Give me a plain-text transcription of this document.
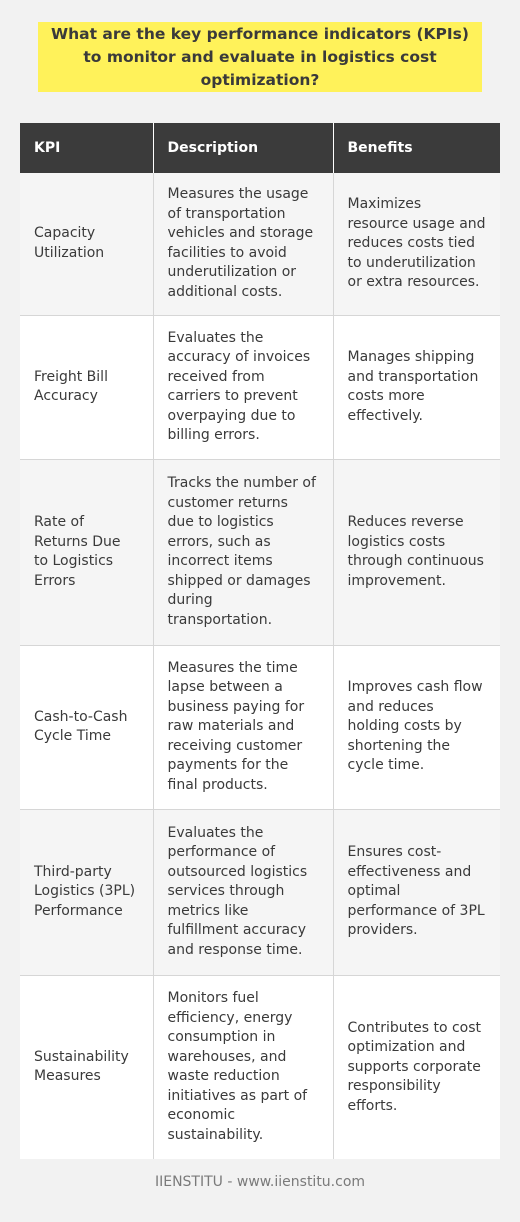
What are the key performance indicators (KPIs) to monitor and evaluate in logistics cost optimization?
KPI	Description	Benefits
Capacity Utilization	Measures the usage of transportation vehicles and storage facilities to avoid underutilization or additional costs.	Maximizes resource usage and reduces costs tied to underutilization or extra resources.
Freight Bill Accuracy	Evaluates the accuracy of invoices received from carriers to prevent overpaying due to billing errors.	Manages shipping and transportation costs more effectively.
Rate of Returns Due to Logistics Errors	Tracks the number of customer returns due to logistics errors, such as incorrect items shipped or damages during transportation.	Reduces reverse logistics costs through continuous improvement.
Cash-to-Cash Cycle Time	Measures the time lapse between a business paying for raw materials and receiving customer payments for the final products.	Improves cash flow and reduces holding costs by shortening the cycle time.
Third-party Logistics (3PL) Performance	Evaluates the performance of outsourced logistics services through metrics like fulfillment accuracy and response time.	Ensures cost-effectiveness and optimal performance of 3PL providers.
Sustainability Measures	Monitors fuel efficiency, energy consumption in warehouses, and waste reduction initiatives as part of economic sustainability.	Contributes to cost optimization and supports corporate responsibility efforts.
IIENSTITU - www.iienstitu.com
